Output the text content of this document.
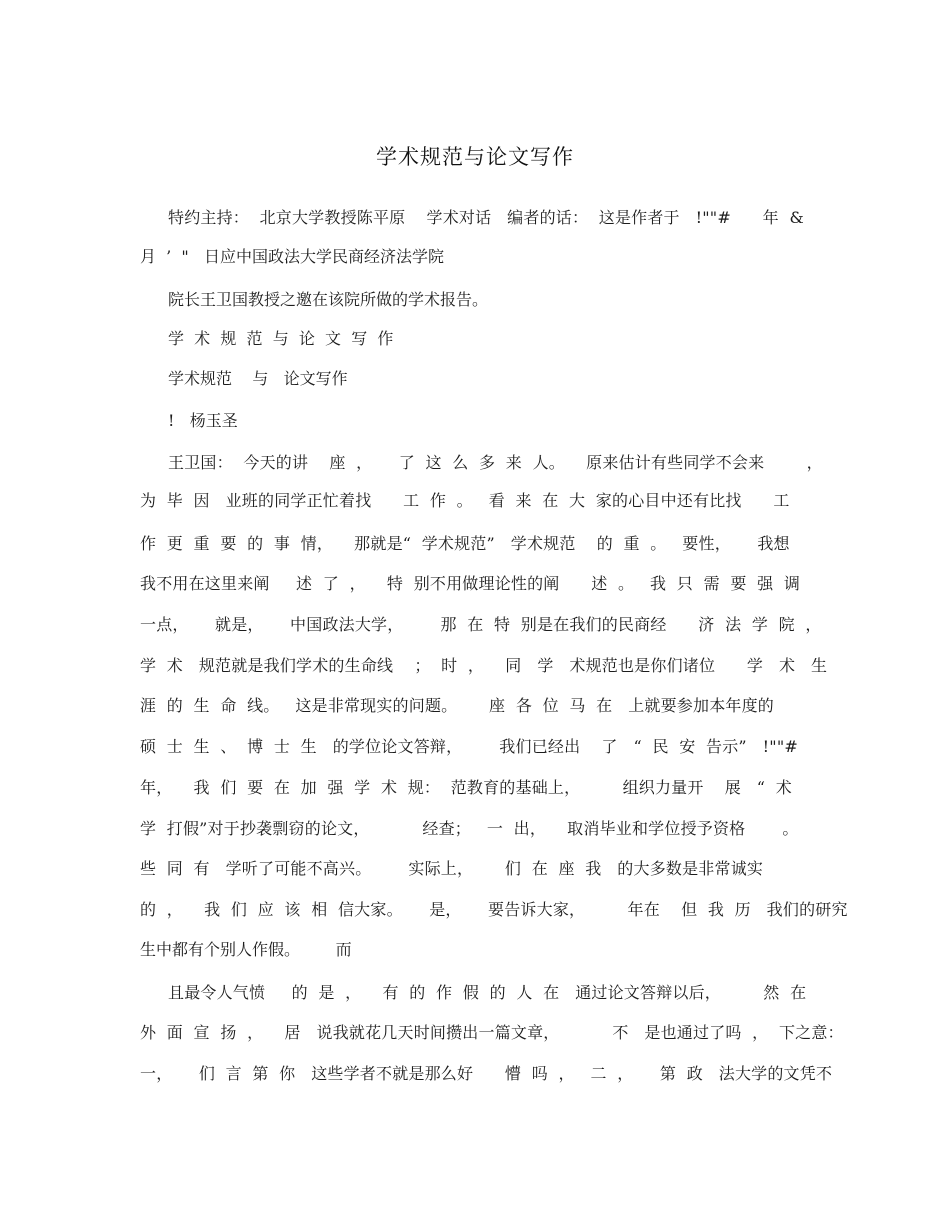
学术规范与论文写作
特约主持：  北京大学教授陈平原    学术对话   编者的话：  这是作者于   !""#      年  &
月  ’  "   日应中国政法大学民商经济法学院
院长王卫国教授之邀在该院所做的学术报告。
学  术  规  范  与  论  文  写  作
学术规范    与   论文写作
!   杨玉圣
王卫国：  今天的讲    座  ，     了  这  么  多  来  人。    原来估计有些同学不会来        ，
为  毕  因   业班的同学正忙着找      工  作  。   看  来  在  大  家的心目中还有比找      工
作  更  重  要  的  事  情，    那就是“  学术规范”   学术规范    的  重  。   要性，     我想
我不用在这里来阐     述  了  ，    特  别不用做理论性的阐      述  。   我  只  需  要  强  调
一点，     就是，     中国政法大学，       那  在  特  别是在我们的民商经      济  法  学  院  ，
学  术   规范就是我们学术的生命线    ；  时  ，    同   学   术规范也是你们诸位      学   术   生
涯  的  生  命  线。   这是非常现实的问题。      座  各  位  马  在   上就要参加本年度的
硕  士  生  、  博  士  生   的学位论文答辩，       我们已经出    了   “  民  安  告示”   !""#
年，    我  们  要  在  加  强  学  术  规：  范教育的基础上，        组织力量开    展   “  术
学  打假”对于抄袭剽窃的论文，          经查；   一  出，    取消毕业和学位授予资格       。
些  同  有   学听了可能不高兴。       实际上，      们  在  座  我   的大多数是非常诚实
的  ，    我  们  应  该  相  信大家。     是，     要告诉大家，        年在    但  我  历   我们的研究
生中都有个别人作假。       而
且最令人气愤     的  是  ，    有  的  作  假  的  人  在   通过论文答辩以后，        然  在
外  面  宣  扬  ，    居   说我就花几天时间攒出一篇文章，          不   是也通过了吗  ，  下之意：
一，     们  言  第  你   这些学者不就是那么好      懵  吗  ，   二  ，     第  政   法大学的文凭不
